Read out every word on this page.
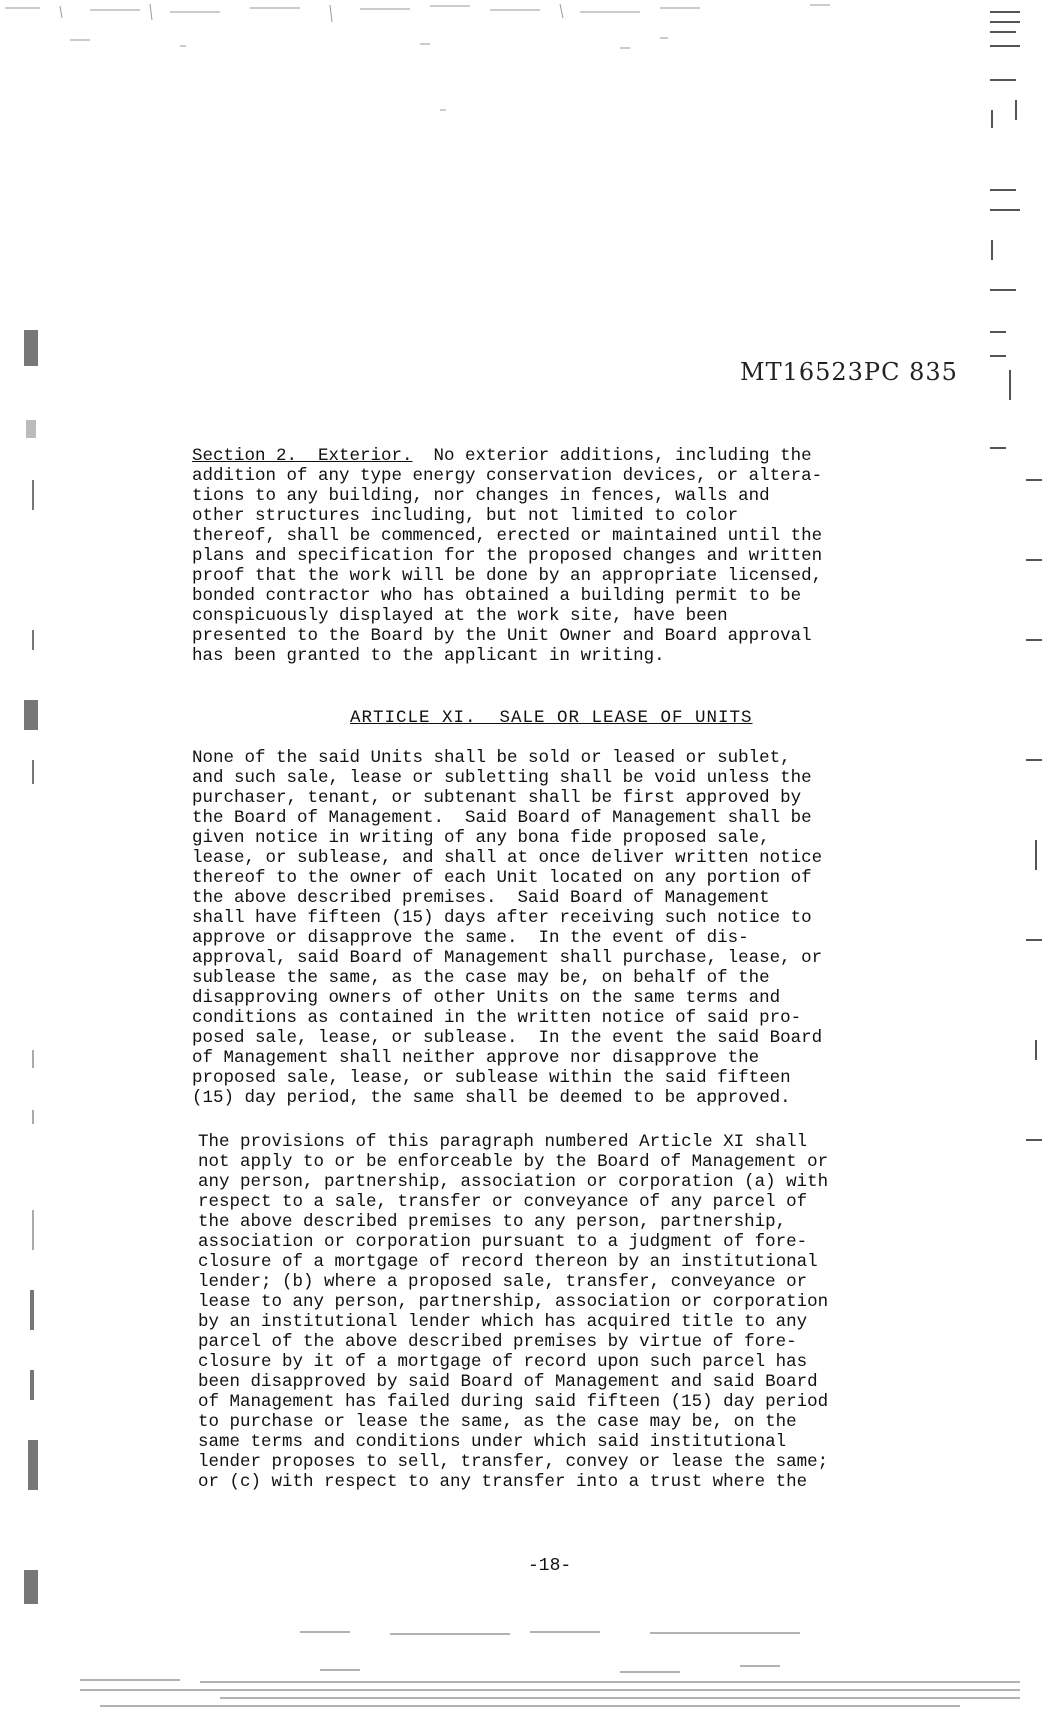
MT16523PC 835
Section 2.  Exterior.  No exterior additions, including the
addition of any type energy conservation devices, or altera-
tions to any building, nor changes in fences, walls and
other structures including, but not limited to color
thereof, shall be commenced, erected or maintained until the
plans and specification for the proposed changes and written
proof that the work will be done by an appropriate licensed,
bonded contractor who has obtained a building permit to be
conspicuously displayed at the work site, have been
presented to the Board by the Unit Owner and Board approval
has been granted to the applicant in writing.
ARTICLE XI.  SALE OR LEASE OF UNITS
None of the said Units shall be sold or leased or sublet,
and such sale, lease or subletting shall be void unless the
purchaser, tenant, or subtenant shall be first approved by
the Board of Management.  Said Board of Management shall be
given notice in writing of any bona fide proposed sale,
lease, or sublease, and shall at once deliver written notice
thereof to the owner of each Unit located on any portion of
the above described premises.  Said Board of Management
shall have fifteen (15) days after receiving such notice to
approve or disapprove the same.  In the event of dis-
approval, said Board of Management shall purchase, lease, or
sublease the same, as the case may be, on behalf of the
disapproving owners of other Units on the same terms and
conditions as contained in the written notice of said pro-
posed sale, lease, or sublease.  In the event the said Board
of Management shall neither approve nor disapprove the
proposed sale, lease, or sublease within the said fifteen
(15) day period, the same shall be deemed to be approved.
The provisions of this paragraph numbered Article XI shall
not apply to or be enforceable by the Board of Management or
any person, partnership, association or corporation (a) with
respect to a sale, transfer or conveyance of any parcel of
the above described premises to any person, partnership,
association or corporation pursuant to a judgment of fore-
closure of a mortgage of record thereon by an institutional
lender; (b) where a proposed sale, transfer, conveyance or
lease to any person, partnership, association or corporation
by an institutional lender which has acquired title to any
parcel of the above described premises by virtue of fore-
closure by it of a mortgage of record upon such parcel has
been disapproved by said Board of Management and said Board
of Management has failed during said fifteen (15) day period
to purchase or lease the same, as the case may be, on the
same terms and conditions under which said institutional
lender proposes to sell, transfer, convey or lease the same;
or (c) with respect to any transfer into a trust where the
-18-
